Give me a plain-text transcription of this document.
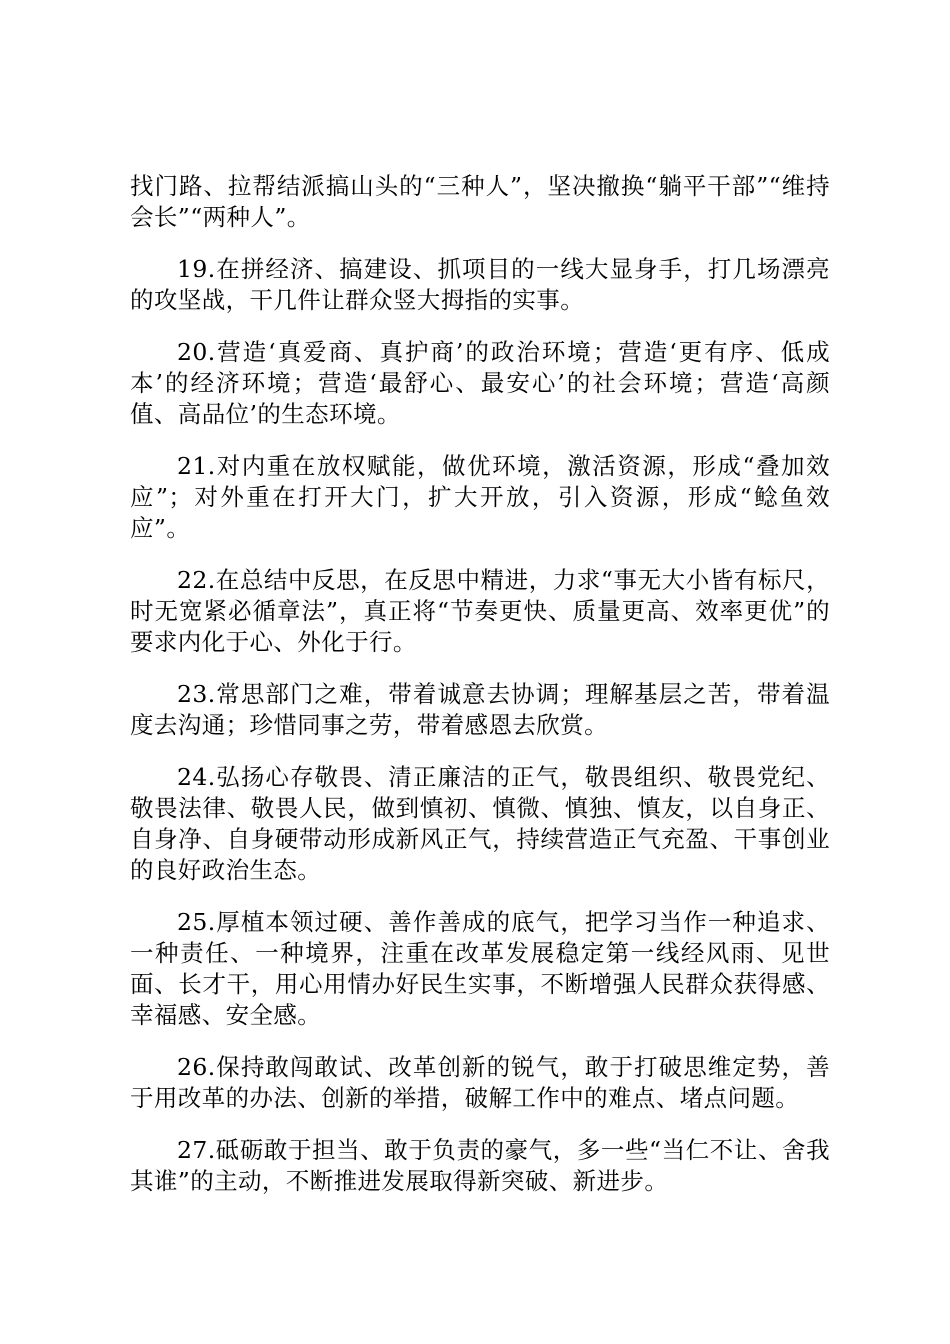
找门路、拉帮结派搞山头的“三种人”，坚决撤换“躺平干部”“维持会长”“两种人”。

19.在拼经济、搞建设、抓项目的一线大显身手，打几场漂亮的攻坚战，干几件让群众竖大拇指的实事。

20.营造‘真爱商、真护商’的政治环境；营造‘更有序、低成本’的经济环境；营造‘最舒心、最安心’的社会环境；营造‘高颜值、高品位’的生态环境。

21.对内重在放权赋能，做优环境，激活资源，形成“叠加效应”；对外重在打开大门，扩大开放，引入资源，形成“鲶鱼效应”。

22.在总结中反思，在反思中精进，力求“事无大小皆有标尺，时无宽紧必循章法”，真正将“节奏更快、质量更高、效率更优”的要求内化于心、外化于行。

23.常思部门之难，带着诚意去协调；理解基层之苦，带着温度去沟通；珍惜同事之劳，带着感恩去欣赏。

24.弘扬心存敬畏、清正廉洁的正气，敬畏组织、敬畏党纪、敬畏法律、敬畏人民，做到慎初、慎微、慎独、慎友，以自身正、自身净、自身硬带动形成新风正气，持续营造正气充盈、干事创业的良好政治生态。

25.厚植本领过硬、善作善成的底气，把学习当作一种追求、一种责任、一种境界，注重在改革发展稳定第一线经风雨、见世面、长才干，用心用情办好民生实事，不断增强人民群众获得感、幸福感、安全感。

26.保持敢闯敢试、改革创新的锐气，敢于打破思维定势，善于用改革的办法、创新的举措，破解工作中的难点、堵点问题。

27.砥砺敢于担当、敢于负责的豪气，多一些“当仁不让、舍我其谁”的主动，不断推进发展取得新突破、新进步。
